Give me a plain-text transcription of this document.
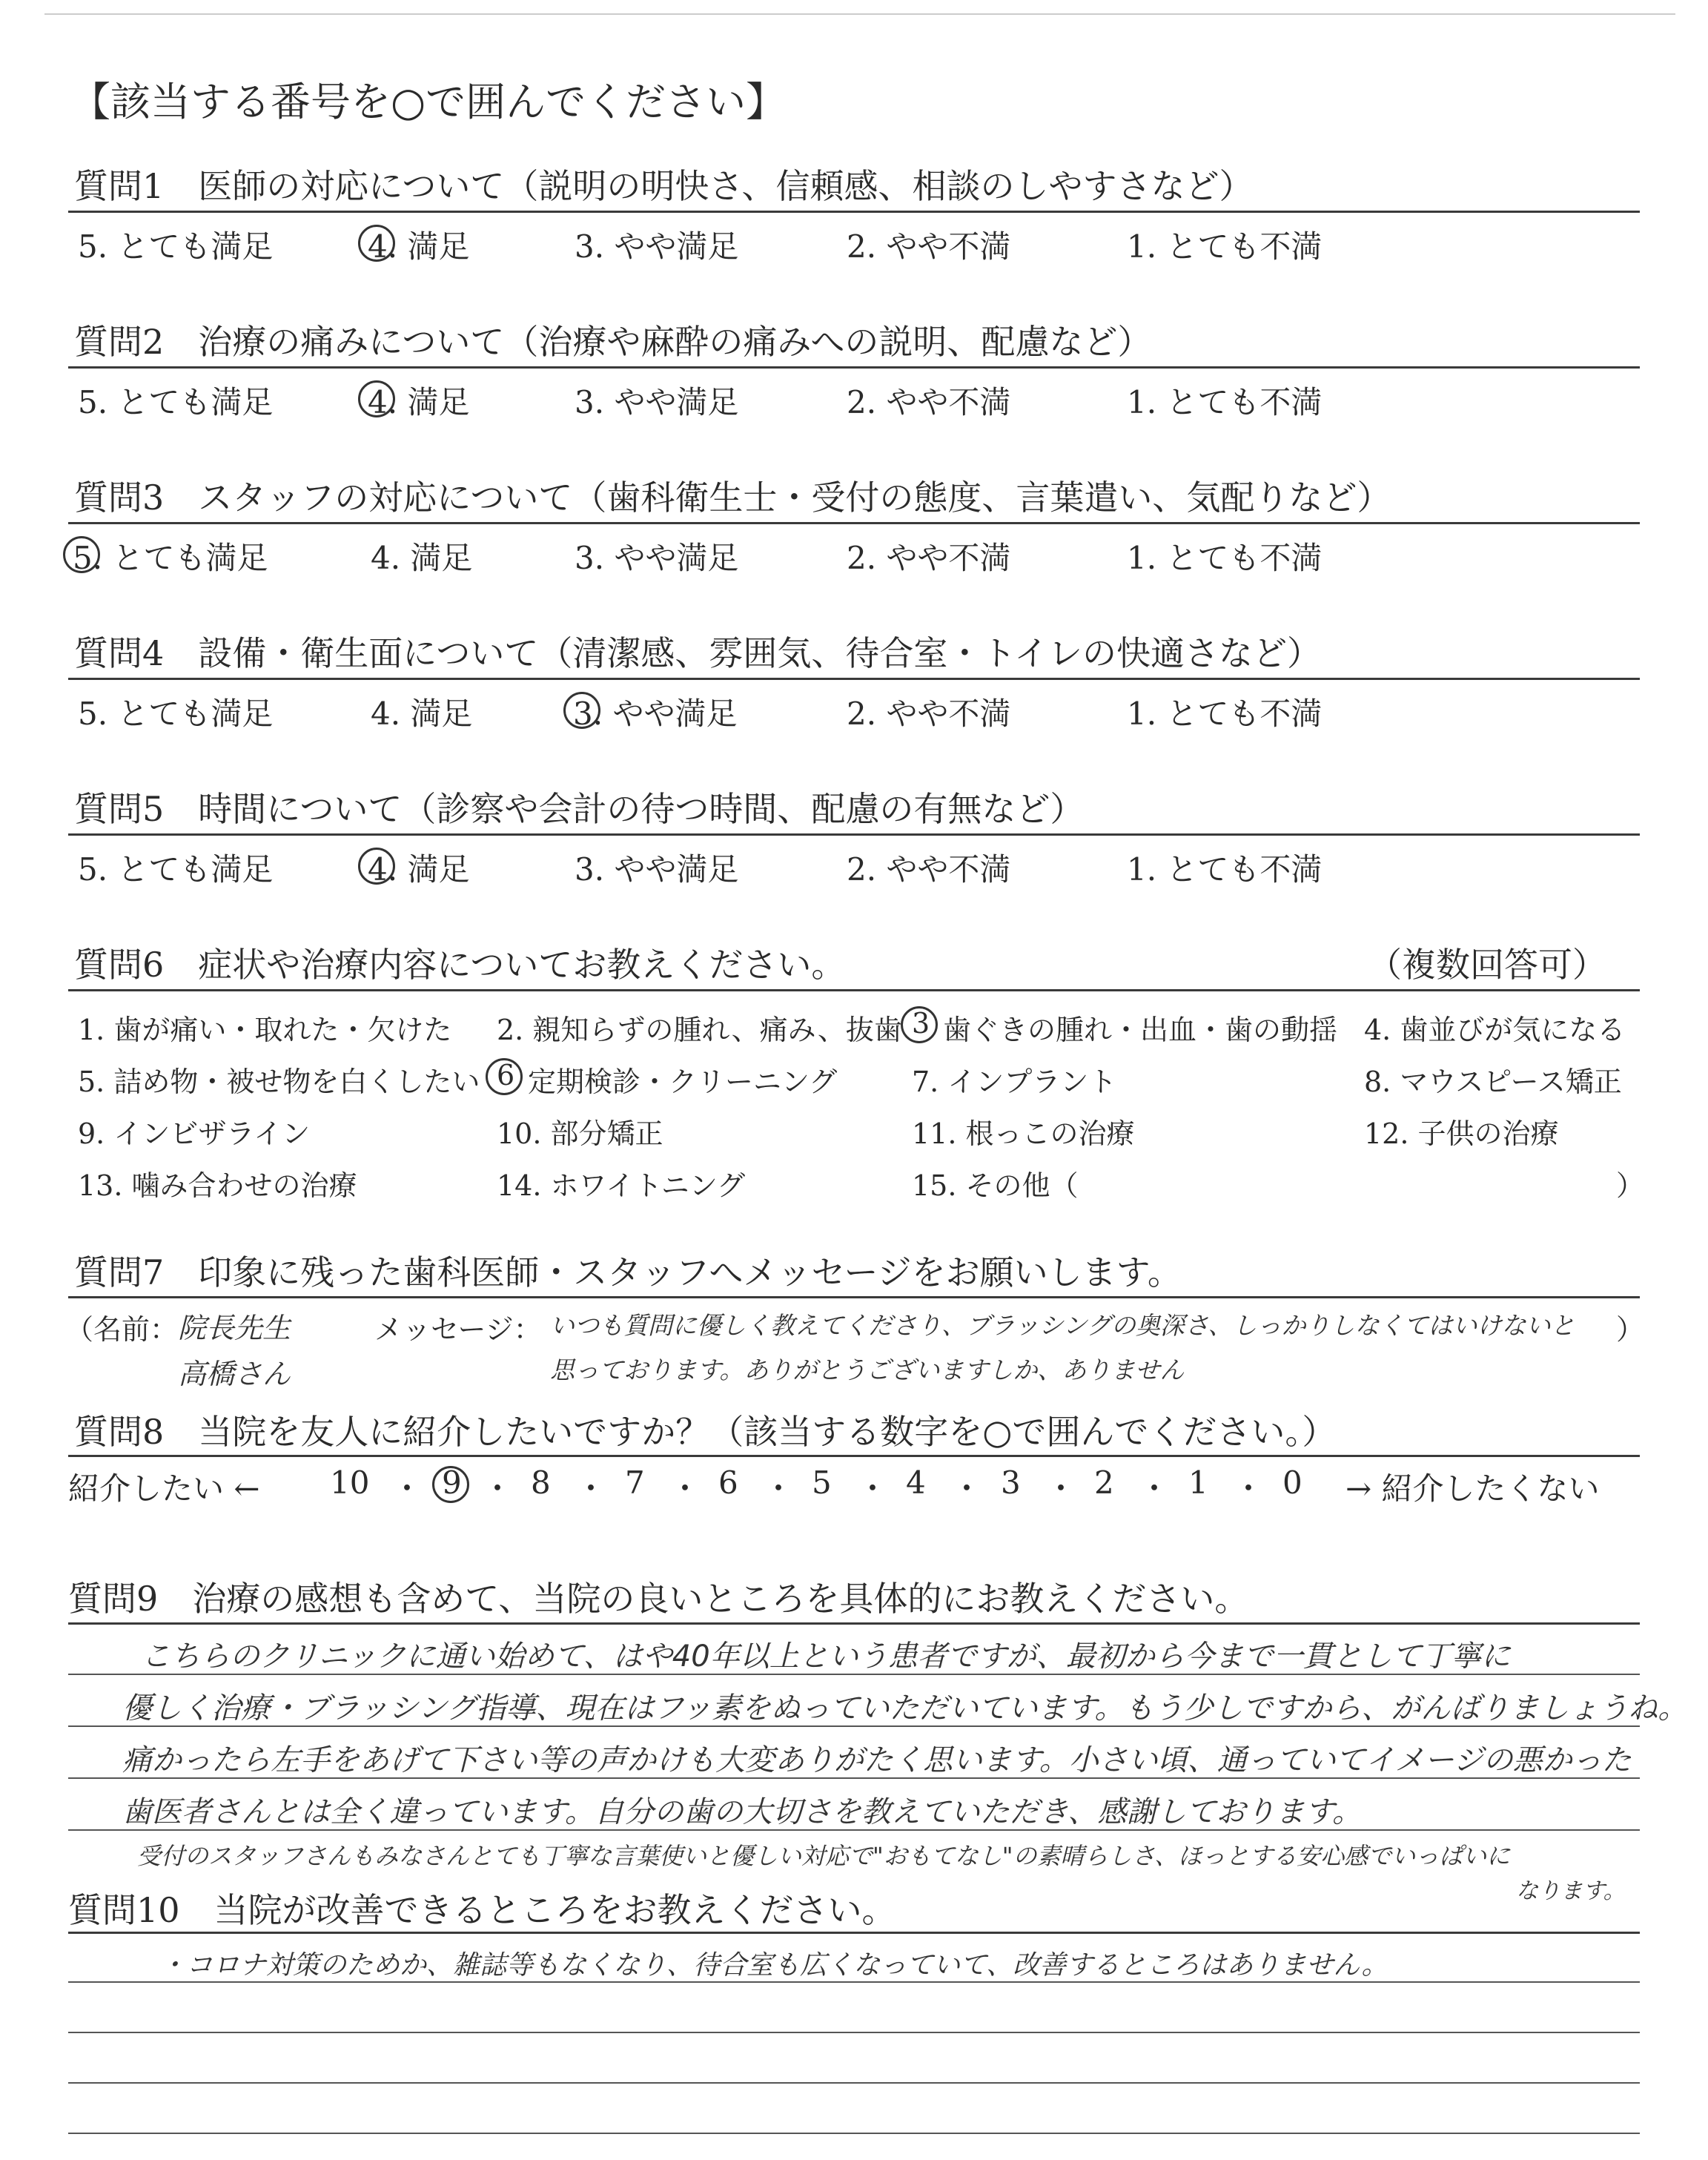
【該当する番号を○で囲んでください】
質問1　医師の対応について（説明の明快さ、信頼感、相談のしやすさなど）
5. とても満足	4. 満足	3. やや満足	2. やや不満	1. とても不満
質問2　治療の痛みについて（治療や麻酔の痛みへの説明、配慮など）
5. とても満足	4. 満足	3. やや満足	2. やや不満	1. とても不満
質問3　スタッフの対応について（歯科衛生士・受付の態度、言葉遣い、気配りなど）
5. とても満足	4. 満足	3. やや満足	2. やや不満	1. とても不満
質問4　設備・衛生面について（清潔感、雰囲気、待合室・トイレの快適さなど）
5. とても満足	4. 満足	3. やや満足	2. やや不満	1. とても不満
質問5　時間について（診察や会計の待つ時間、配慮の有無など）
5. とても満足	4. 満足	3. やや満足	2. やや不満	1. とても不満
質問6　症状や治療内容についてお教えください。	（複数回答可）
1. 歯が痛い・取れた・欠けた 2. 親知らずの腫れ、痛み、抜歯 3 歯ぐきの腫れ・出血・歯の動揺 4. 歯並びが気になる
5. 詰め物・被せ物を白くしたい 6 定期検診・クリーニング	7. インプラント	8. マウスピース矯正
9. インビザライン	10. 部分矯正	11. 根っこの治療	12. 子供の治療
13. 噛み合わせの治療	14. ホワイトニング	15. その他（	）
質問7　印象に残った歯科医師・スタッフへメッセージをお願いします。
（名前： 院長先生
高橋さん
メッセージ： いつも質問に優しく教えてくださり、ブラッシングの奥深さ、しっかりしなくてはいけないと
思っております。ありがとうございますしか、ありません
）
質問8　当院を友人に紹介したいですか？（該当する数字を○で囲んでください。）
紹介したい ← 10 ・ 9 ・ 8 ・ 7 ・ 6 ・ 5 ・ 4 ・ 3 ・ 2 ・ 1 ・ 0 → 紹介したくない
質問9　治療の感想も含めて、当院の良いところを具体的にお教えください。
こちらのクリニックに通い始めて、はや40年以上という患者ですが、最初から今まで一貫として丁寧に
優しく治療・ブラッシング指導、現在はフッ素をぬっていただいています。もう少しですから、がんばりましょうね。
痛かったら左手をあげて下さい等の声かけも大変ありがたく思います。小さい頃、通っていてイメージの悪かった
歯医者さんとは全く違っています。自分の歯の大切さを教えていただき、感謝しております。
受付のスタッフさんもみなさんとても丁寧な言葉使いと優しい対応で"おもてなし"の素晴らしさ、ほっとする安心感でいっぱいに
なります。
質問10　当院が改善できるところをお教えください。
・コロナ対策のためか、雑誌等もなくなり、待合室も広くなっていて、改善するところはありません。
